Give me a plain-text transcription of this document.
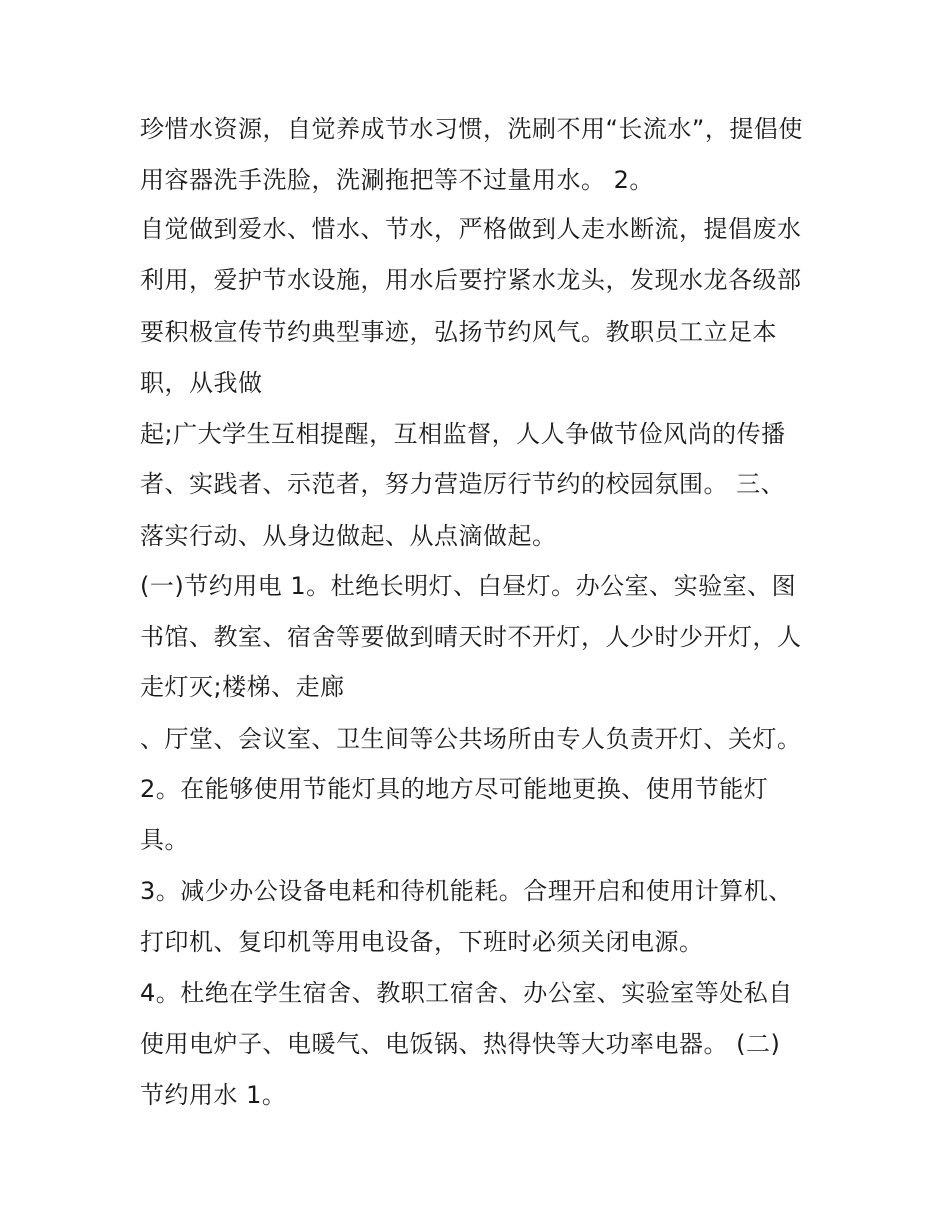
珍惜水资源，自觉养成节水习惯，洗刷不用“长流水”，提倡使
用容器洗手洗脸，洗涮拖把等不过量用水。 2。
自觉做到爱水、惜水、节水，严格做到人走水断流，提倡废水
利用，爱护节水设施，用水后要拧紧水龙头，发现水龙各级部
要积极宣传节约典型事迹，弘扬节约风气。教职员工立足本
职，从我做
起;广大学生互相提醒，互相监督，人人争做节俭风尚的传播
者、实践者、示范者，努力营造厉行节约的校园氛围。 三、
落实行动、从身边做起、从点滴做起。
(一)节约用电 1。杜绝长明灯、白昼灯。办公室、实验室、图
书馆、教室、宿舍等要做到晴天时不开灯，人少时少开灯，人
走灯灭;楼梯、走廊
、厅堂、会议室、卫生间等公共场所由专人负责开灯、关灯。
2。在能够使用节能灯具的地方尽可能地更换、使用节能灯
具。
3。减少办公设备电耗和待机能耗。合理开启和使用计算机、
打印机、复印机等用电设备，下班时必须关闭电源。
4。杜绝在学生宿舍、教职工宿舍、办公室、实验室等处私自
使用电炉子、电暖气、电饭锅、热得快等大功率电器。 (二)
节约用水 1。
